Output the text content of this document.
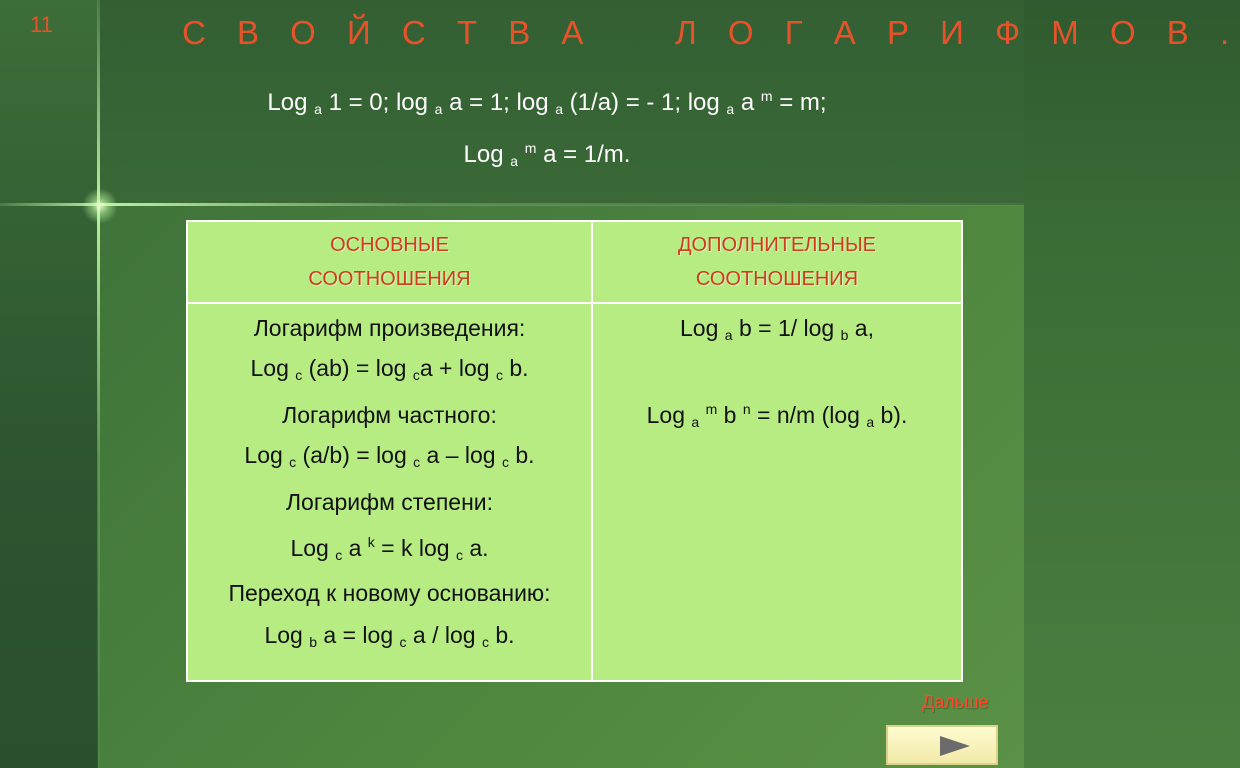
11	С В О Й С Т В А    Л О Г А Р И Ф М О В .
Log $_a$ 1 = 0; log $_a$ a = 1; log $_a$ (1/a) = - 1; log $_a$ a $^m$ = m;
Log $_a$ $^m$ a = 1/m.
ОСНОВНЫЕ
СООТНОШЕНИЯ
ДОПОЛНИТЕЛЬНЫЕ
СООТНОШЕНИЯ
Логарифм произведения:
Log $_c$ (ab) = log $_c$a + log $_c$ b.
Логарифм частного:
Log $_c$ (a/b) = log $_c$ a – log $_c$ b.
Логарифм степени:
Log $_c$ a $^k$ = k log $_c$ a.
Переход к новому основанию:
Log $_b$ a = log $_c$ a / log $_c$ b.
Log $_a$ b = 1/ log $_b$ a,
Log $_a$ $^m$ b $^n$ = n/m (log $_a$ b).
Дальше
